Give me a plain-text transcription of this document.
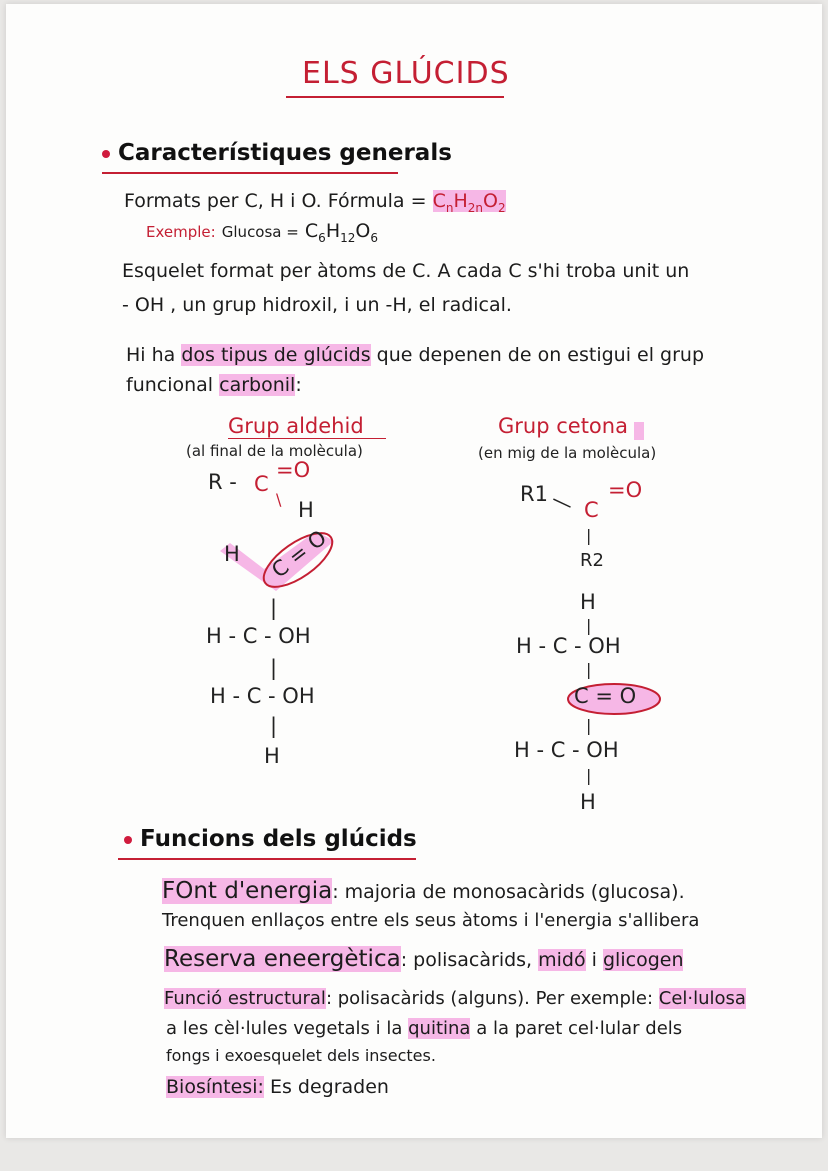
ELS GLÚCIDS
Característiques generals
Formats per C, H i O. Fórmula = $C_nH_{2n}O_2$
Exemple: $Glucosa = C_6H_{12}O_6$
Esquelet format per àtoms de C. A cada C s'hi troba unit un
- OH , un grup hidroxil, i un -H, el radical.
Hi ha dos tipus de glúcids que depenen de on estigui el grup
funcional carbonil:
Grup aldehid
(al final de la molècula)
R - C
=O
\ H
H C = O
|
H - C - OH
|
H - C - OH
|
H
Grup cetona
(en mig de la molècula)
R1 — C
=O
|
R2
H
|
H - C - OH
|
C = O
|
H - C - OH
|
H
Funcions dels glúcids
FOnt d'energia: majoria de monosacàrids (glucosa).
Trenquen enllaços entre els seus àtoms i l'energia s'allibera
Reserva eneergètica: polisacàrids, midó i glicogen
Funció estructural: polisacàrids (alguns). Per exemple: Cel·lulosa
a les cèl·lules vegetals i la quitina a la paret cel·lular dels
fongs i exoesquelet dels insectes.
Biosíntesi: Es degraden
